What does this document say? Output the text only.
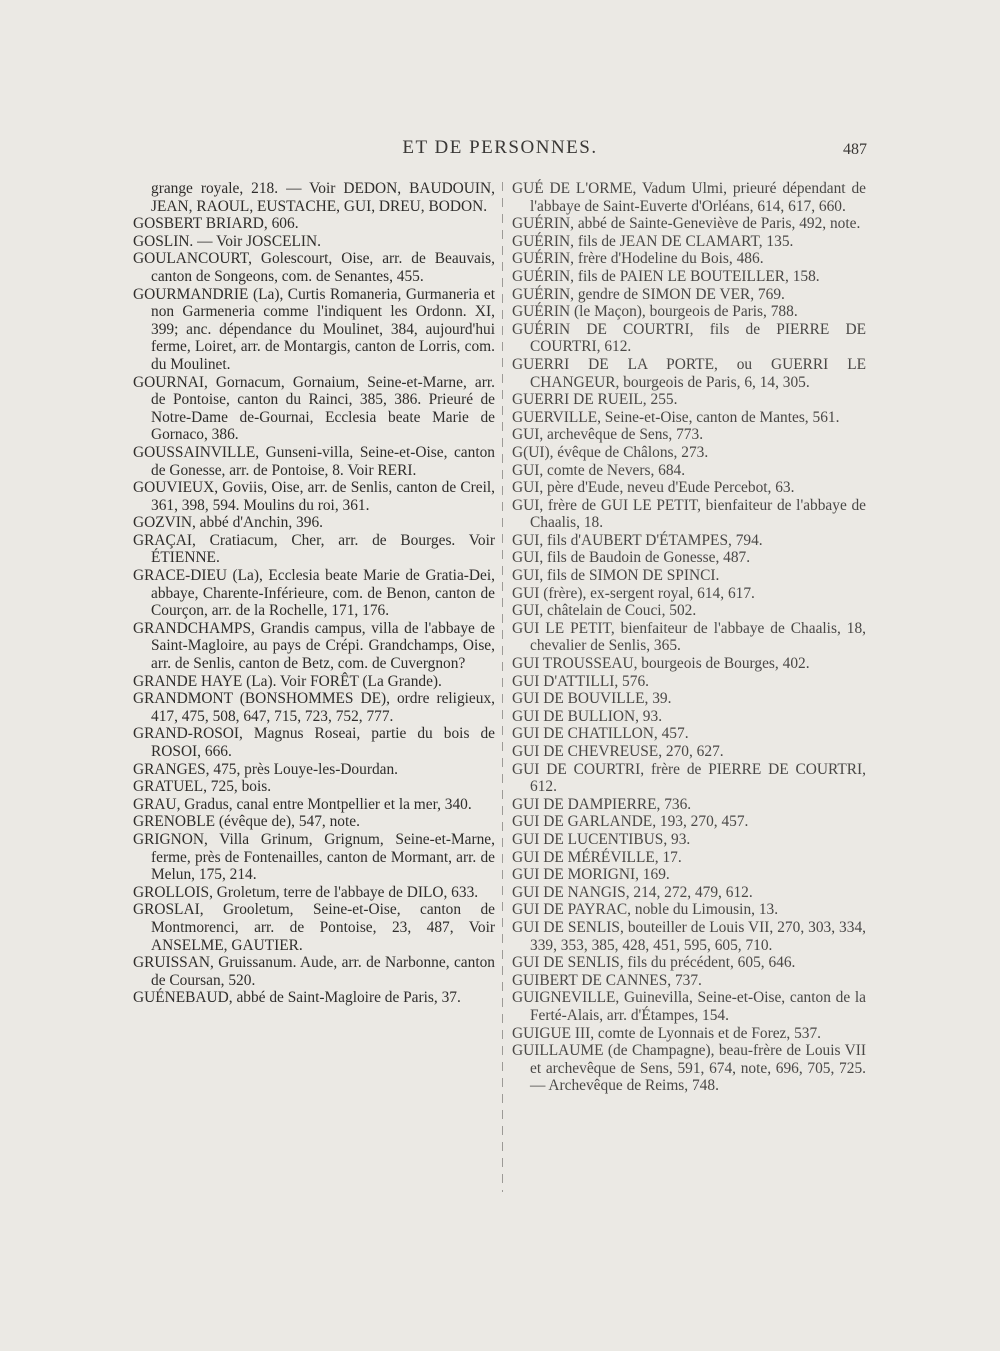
ET DE PERSONNES.	487

grange royale, 218. — Voir DEDON, BAUDOUIN, JEAN, RAOUL, EUSTACHE, GUI, DREU, BODON.

GOSBERT BRIARD, 606.

GOSLIN. — Voir JOSCELIN.

GOULANCOURT, Golescourt, Oise, arr. de Beauvais, canton de Songeons, com. de Senantes, 455.

GOURMANDRIE (La), Curtis Romaneria, Gurmaneria et non Garmeneria comme l'indiquent les Ordonn. XI, 399; anc. dépendance du Moulinet, 384, aujourd'hui ferme, Loiret, arr. de Montargis, canton de Lorris, com. du Moulinet.

GOURNAI, Gornacum, Gornaium, Seine-et-Marne, arr. de Pontoise, canton du Rainci, 385, 386. Prieuré de Notre-Dame de-Gournai, Ecclesia beate Marie de Gornaco, 386.

GOUSSAINVILLE, Gunseni-villa, Seine-et-Oise, canton de Gonesse, arr. de Pontoise, 8. Voir RERI.

GOUVIEUX, Goviis, Oise, arr. de Senlis, canton de Creil, 361, 398, 594. Moulins du roi, 361.

GOZVIN, abbé d'Anchin, 396.

GRAÇAI, Cratiacum, Cher, arr. de Bourges. Voir ÉTIENNE.

GRACE-DIEU (La), Ecclesia beate Marie de Gratia-Dei, abbaye, Charente-Inférieure, com. de Benon, canton de Courçon, arr. de la Rochelle, 171, 176.

GRANDCHAMPS, Grandis campus, villa de l'abbaye de Saint-Magloire, au pays de Crépi. Grandchamps, Oise, arr. de Senlis, canton de Betz, com. de Cuvergnon?

GRANDE HAYE (La). Voir FORÊT (La Grande).

GRANDMONT (BONSHOMMES DE), ordre religieux, 417, 475, 508, 647, 715, 723, 752, 777.

GRAND-ROSOI, Magnus Roseai, partie du bois de ROSOI, 666.

GRANGES, 475, près Louye-les-Dourdan.

GRATUEL, 725, bois.

GRAU, Gradus, canal entre Montpellier et la mer, 340.

GRENOBLE (évêque de), 547, note.

GRIGNON, Villa Grinum, Grignum, Seine-et-Marne, ferme, près de Fontenailles, canton de Mormant, arr. de Melun, 175, 214.

GROLLOIS, Groletum, terre de l'abbaye de DILO, 633.

GROSLAI, Grooletum, Seine-et-Oise, canton de Montmorenci, arr. de Pontoise, 23, 487, Voir ANSELME, GAUTIER.

GRUISSAN, Gruissanum. Aude, arr. de Narbonne, canton de Coursan, 520.

GUÉNEBAUD, abbé de Saint-Magloire de Paris, 37.

GUÉ DE L'ORME, Vadum Ulmi, prieuré dépendant de l'abbaye de Saint-Euverte d'Orléans, 614, 617, 660.

GUÉRIN, abbé de Sainte-Geneviève de Paris, 492, note.

GUÉRIN, fils de JEAN DE CLAMART, 135.

GUÉRIN, frère d'Hodeline du Bois, 486.

GUÉRIN, fils de PAIEN LE BOUTEILLER, 158.

GUÉRIN, gendre de SIMON DE VER, 769.

GUÉRIN (le Maçon), bourgeois de Paris, 788.

GUÉRIN DE COURTRI, fils de PIERRE DE COURTRI, 612.

GUERRI DE LA PORTE, ou GUERRI LE CHANGEUR, bourgeois de Paris, 6, 14, 305.

GUERRI DE RUEIL, 255.

GUERVILLE, Seine-et-Oise, canton de Mantes, 561.

GUI, archevêque de Sens, 773.

G(UI), évêque de Châlons, 273.

GUI, comte de Nevers, 684.

GUI, père d'Eude, neveu d'Eude Percebot, 63.

GUI, frère de GUI LE PETIT, bienfaiteur de l'abbaye de Chaalis, 18.

GUI, fils d'AUBERT D'ÉTAMPES, 794.

GUI, fils de Baudoin de Gonesse, 487.

GUI, fils de SIMON DE SPINCI.

GUI (frère), ex-sergent royal, 614, 617.

GUI, châtelain de Couci, 502.

GUI LE PETIT, bienfaiteur de l'abbaye de Chaalis, 18, chevalier de Senlis, 365.

GUI TROUSSEAU, bourgeois de Bourges, 402.

GUI D'ATTILLI, 576.

GUI DE BOUVILLE, 39.

GUI DE BULLION, 93.

GUI DE CHATILLON, 457.

GUI DE CHEVREUSE, 270, 627.

GUI DE COURTRI, frère de PIERRE DE COURTRI, 612.

GUI DE DAMPIERRE, 736.

GUI DE GARLANDE, 193, 270, 457.

GUI DE LUCENTIBUS, 93.

GUI DE MÉRÉVILLE, 17.

GUI DE MORIGNI, 169.

GUI DE NANGIS, 214, 272, 479, 612.

GUI DE PAYRAC, noble du Limousin, 13.

GUI DE SENLIS, bouteiller de Louis VII, 270, 303, 334, 339, 353, 385, 428, 451, 595, 605, 710.

GUI DE SENLIS, fils du précédent, 605, 646.

GUIBERT DE CANNES, 737.

GUIGNEVILLE, Guinevilla, Seine-et-Oise, canton de la Ferté-Alais, arr. d'Étampes, 154.

GUIGUE III, comte de Lyonnais et de Forez, 537.

GUILLAUME (de Champagne), beau-frère de Louis VII et archevêque de Sens, 591, 674, note, 696, 705, 725. — Archevêque de Reims, 748.
